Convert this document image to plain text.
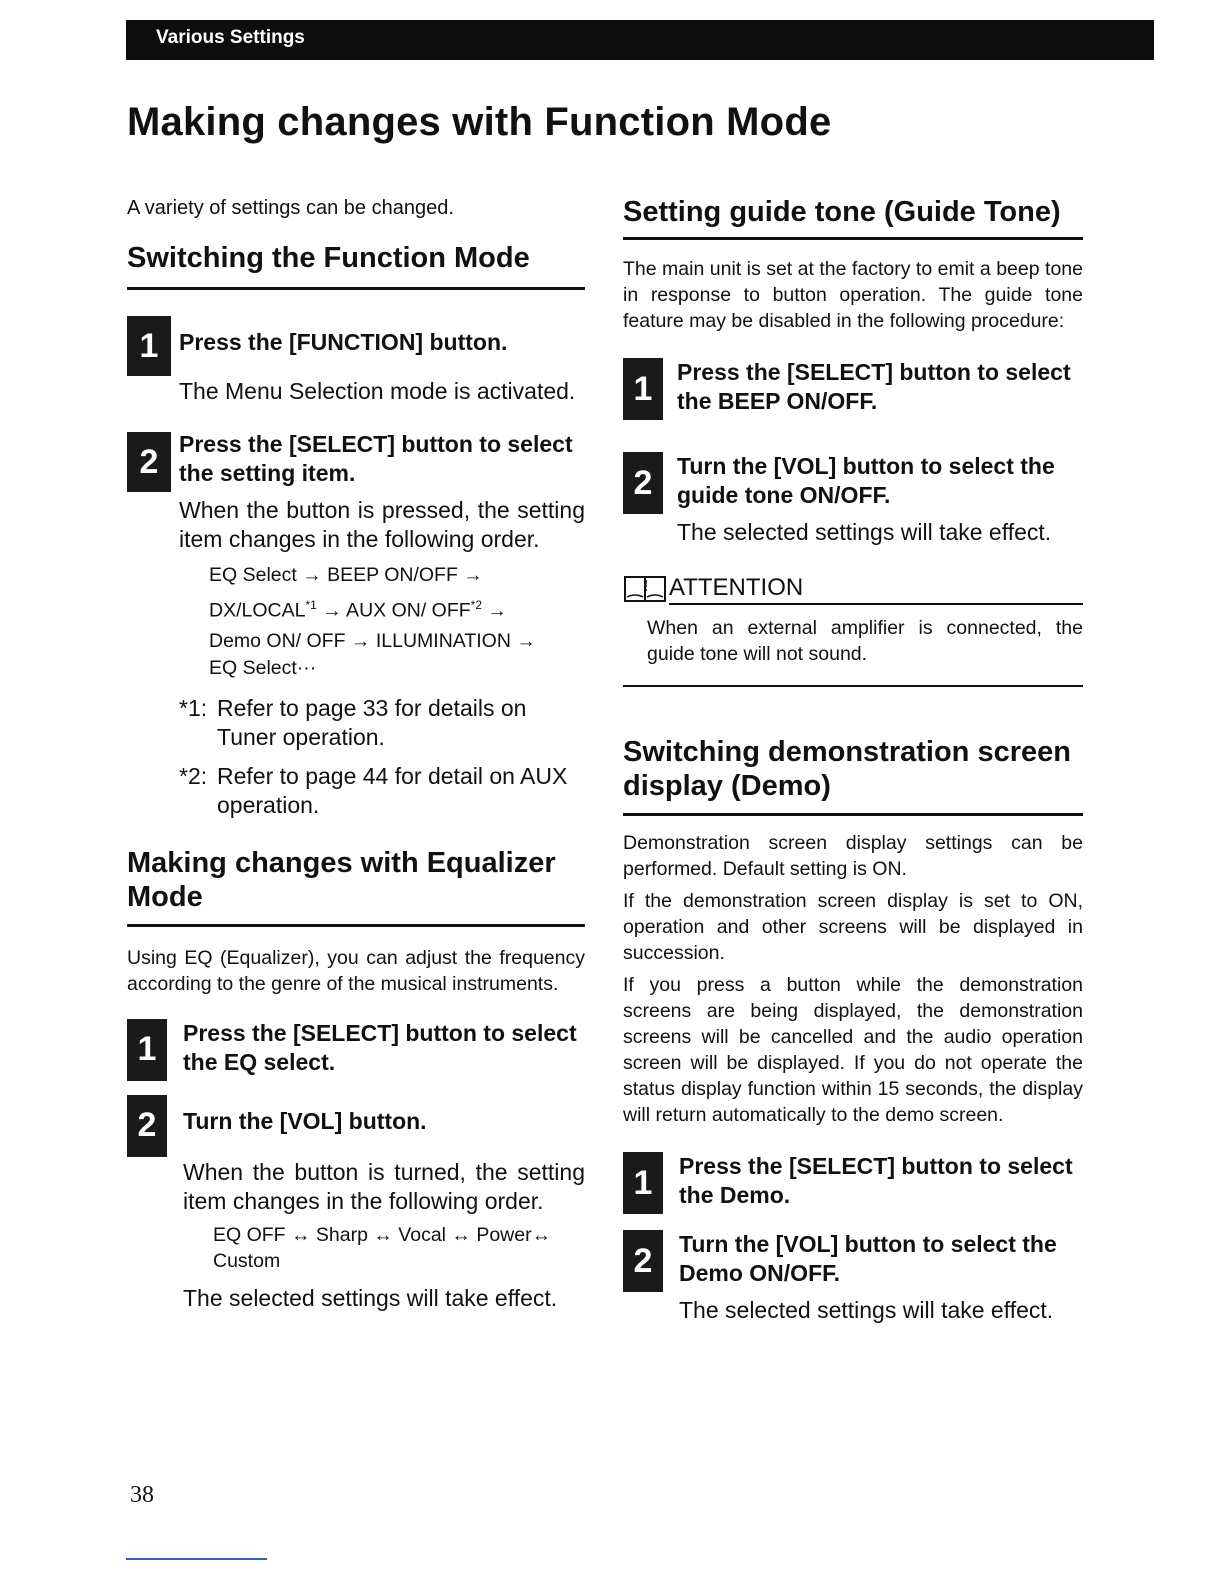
Various Settings
Making changes with Function Mode

A variety of settings can be changed.

Switching the Function Mode
1 Press the [FUNCTION] button.

The Menu Selection mode is activated.

2 Press the [SELECT] button to select the setting item.

When the button is pressed, the setting item changes in the following order.

EQ Select → BEEP ON/OFF →

$DX/LOCAL^{*1}$ → AUX ON/ $OFF^{*2}$ →

Demo ON/ OFF → ILLUMINATION →

EQ Select···

*1: Refer to page 33 for details on Tuner operation.

*2: Refer to page 44 for detail on AUX operation.

Making changes with Equalizer Mode

Using EQ (Equalizer), you can adjust the frequency according to the genre of the musical instruments.

1	Press the [SELECT] button to select the EQ select.

2	Turn the [VOL] button.

When the button is turned, the setting item changes in the following order.

EQ OFF ↔ Sharp ↔ Vocal ↔ Power↔ Custom

The selected settings will take effect.

Setting guide tone (Guide Tone)

The main unit is set at the factory to emit a beep tone in response to button operation. The guide tone feature may be disabled in the following procedure:

1	Press the [SELECT] button to select the BEEP ON/OFF.

2	Turn the [VOL] button to select the guide tone ON/OFF.

The selected settings will take effect.

! ATTENTION

When an external amplifier is connected, the guide tone will not sound.

Switching demonstration screen display (Demo)

Demonstration screen display settings can be performed. Default setting is ON.

If the demonstration screen display is set to ON, operation and other screens will be displayed in succession.

If you press a button while the demonstration screens are being displayed, the demonstration screens will be cancelled and the audio operation screen will be displayed. If you do not operate the status display function within 15 seconds, the display will return automatically to the demo screen.

1	Press the [SELECT] button to select the Demo.

2	Turn the [VOL] button to select the Demo ON/OFF.

The selected settings will take effect.

38
